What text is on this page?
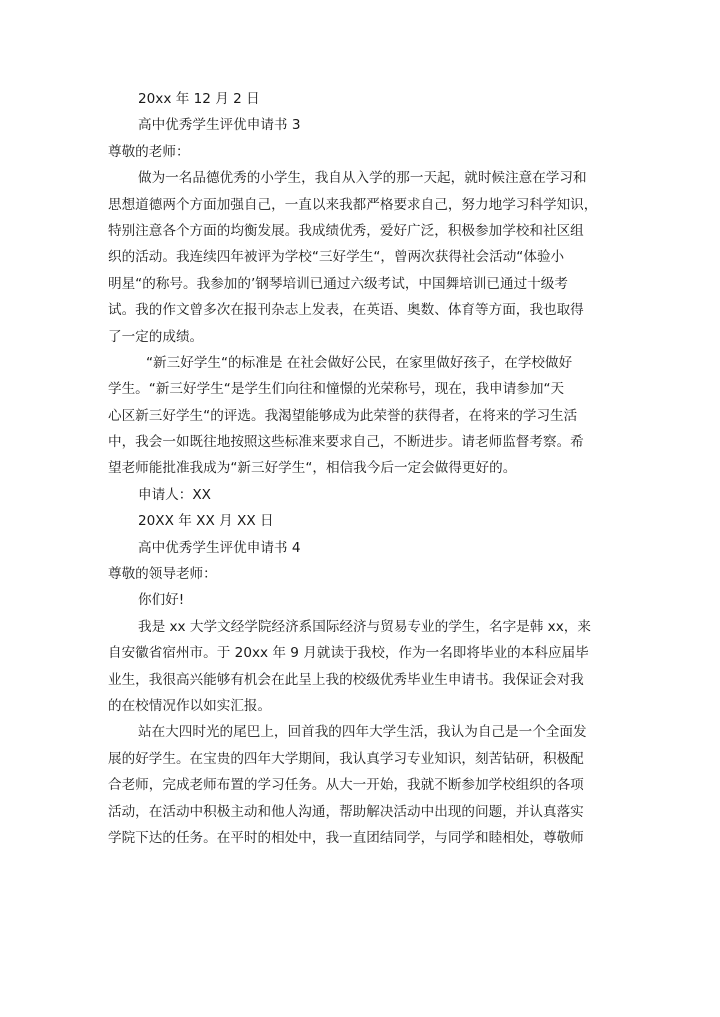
20xx 年 12 月 2 日
高中优秀学生评优申请书 3
尊敬的老师：
做为一名品德优秀的小学生，我自从入学的那一天起，就时候注意在学习和
思想道德两个方面加强自己，一直以来我都严格要求自己，努力地学习科学知识，
特别注意各个方面的均衡发展。我成绩优秀，爱好广泛，积极参加学校和社区组
织的活动。我连续四年被评为学校“三好学生“，曾两次获得社会活动“体验小
明星“的称号。我参加的’钢琴培训已通过六级考试，中国舞培训已通过十级考
试。我的作文曾多次在报刊杂志上发表，在英语、奥数、体育等方面，我也取得
了一定的成绩。
“新三好学生“的标准是 在社会做好公民，在家里做好孩子，在学校做好
学生。“新三好学生“是学生们向往和憧憬的光荣称号，现在，我申请参加“天
心区新三好学生“的评选。我渴望能够成为此荣誉的获得者，在将来的学习生活
中，我会一如既往地按照这些标准来要求自己，不断进步。请老师监督考察。希
望老师能批准我成为“新三好学生“，相信我今后一定会做得更好的。
申请人：XX
20XX 年 XX 月 XX 日
高中优秀学生评优申请书 4
尊敬的领导老师：
你们好!
我是 xx 大学文经学院经济系国际经济与贸易专业的学生，名字是韩 xx，来
自安徽省宿州市。于 20xx 年 9 月就读于我校，作为一名即将毕业的本科应届毕
业生，我很高兴能够有机会在此呈上我的校级优秀毕业生申请书。我保证会对我
的在校情况作以如实汇报。
站在大四时光的尾巴上，回首我的四年大学生活，我认为自己是一个全面发
展的好学生。在宝贵的四年大学期间，我认真学习专业知识，刻苦钻研，积极配
合老师，完成老师布置的学习任务。从大一开始，我就不断参加学校组织的各项
活动，在活动中积极主动和他人沟通，帮助解决活动中出现的问题，并认真落实
学院下达的任务。在平时的相处中，我一直团结同学，与同学和睦相处，尊敬师
